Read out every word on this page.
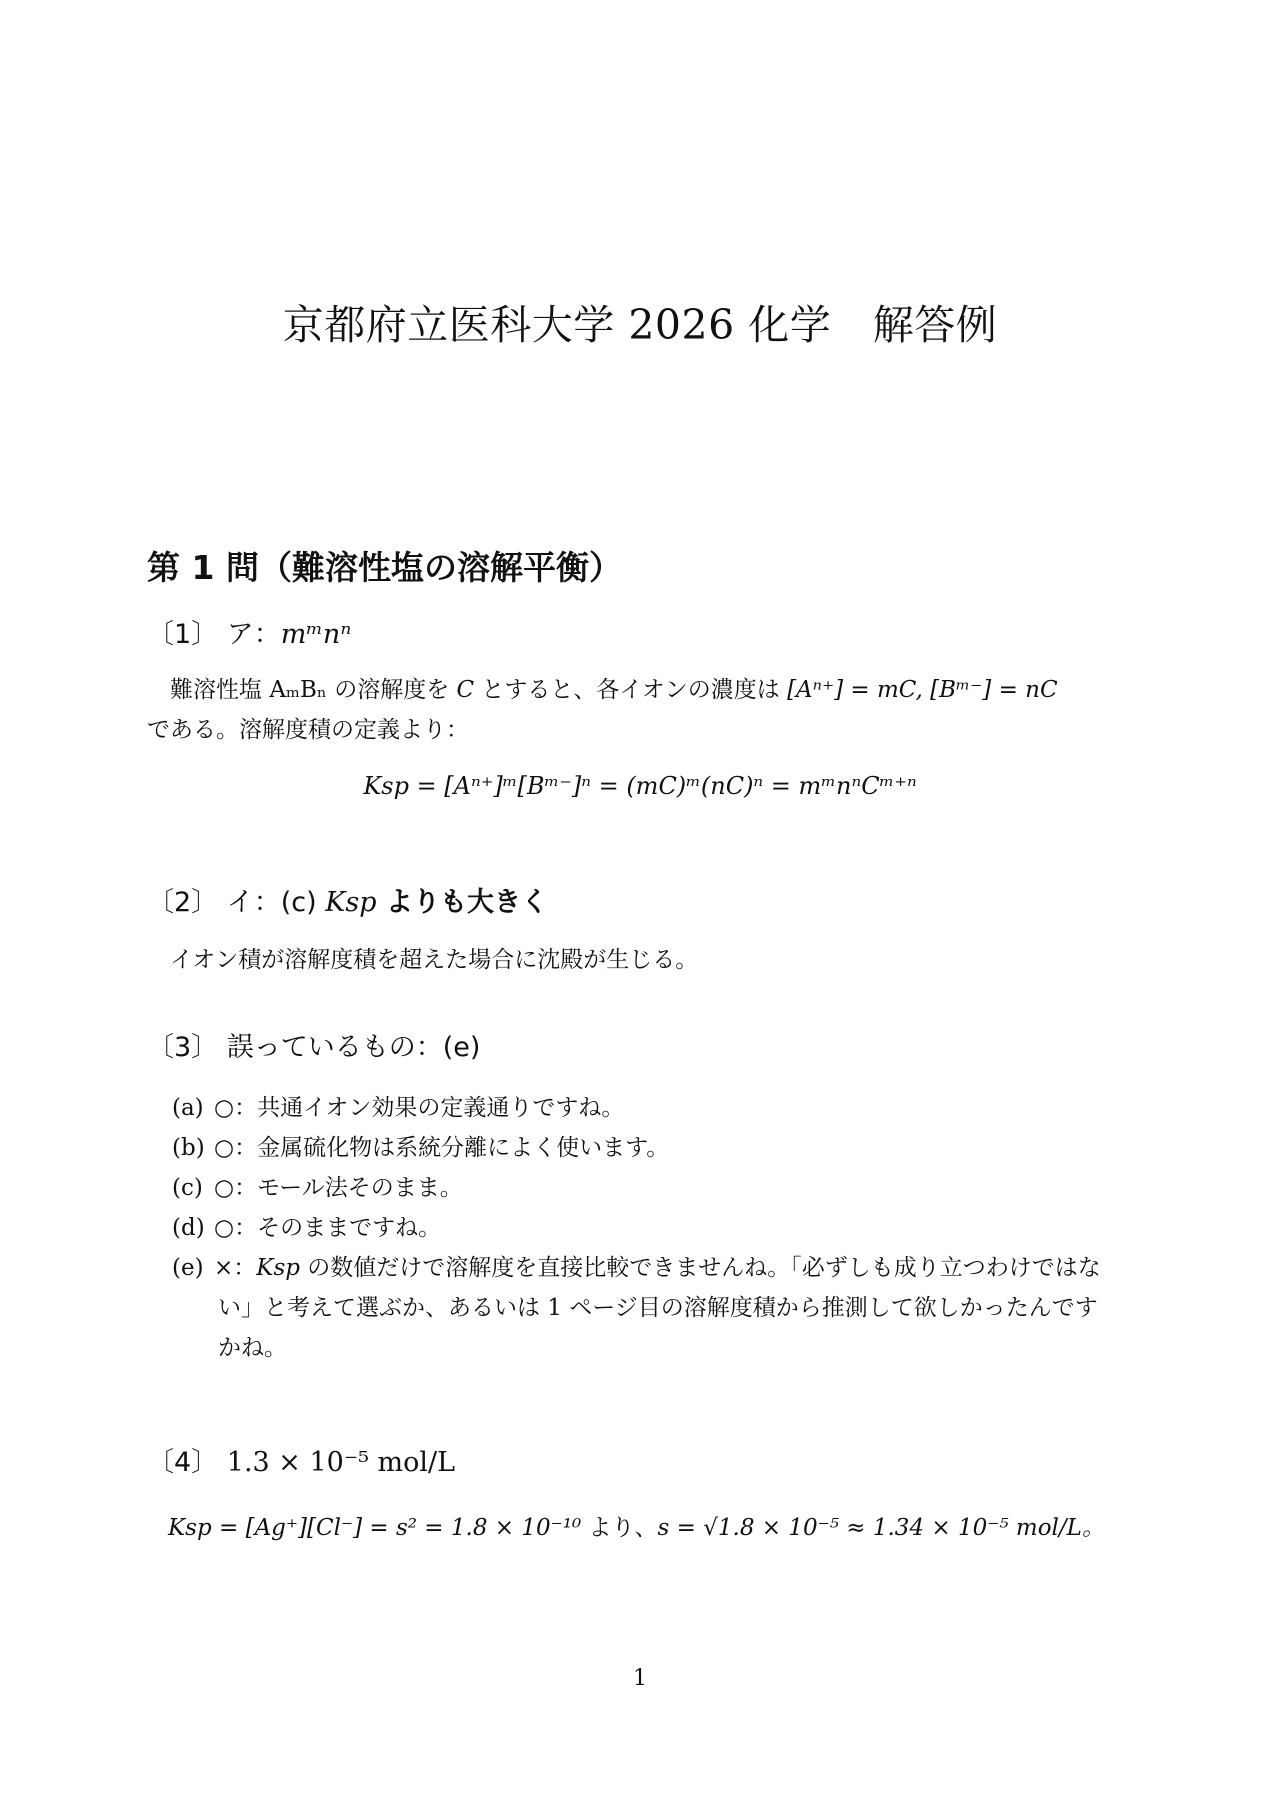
京都府立医科大学 2026 化学　解答例
第 1 問（難溶性塩の溶解平衡）
〔1〕 ア：mᵐnⁿ
　難溶性塩 AₘBₙ の溶解度を C とすると、各イオンの濃度は [Aⁿ⁺] = mC, [Bᵐ⁻] = nC
である。溶解度積の定義より：
Ksp = [Aⁿ⁺]ᵐ[Bᵐ⁻]ⁿ = (mC)ᵐ(nC)ⁿ = mᵐnⁿCᵐ⁺ⁿ
〔2〕 イ：(c) Ksp よりも大きく
　イオン積が溶解度積を超えた場合に沈殿が生じる。
〔3〕 誤っているもの：(e)
(a) ○：共通イオン効果の定義通りですね。
(b) ○：金属硫化物は系統分離によく使います。
(c) ○：モール法そのまま。
(d) ○：そのままですね。
(e) ×：Ksp の数値だけで溶解度を直接比較できませんね。「必ずしも成り立つわけではな
い」と考えて選ぶか、あるいは 1 ページ目の溶解度積から推測して欲しかったんです
かね。
〔4〕 1.3 × 10⁻⁵ mol/L
Ksp = [Ag⁺][Cl⁻] = s² = 1.8 × 10⁻¹⁰ より、s = √1.8 × 10⁻⁵ ≈ 1.34 × 10⁻⁵ mol/L。
1
